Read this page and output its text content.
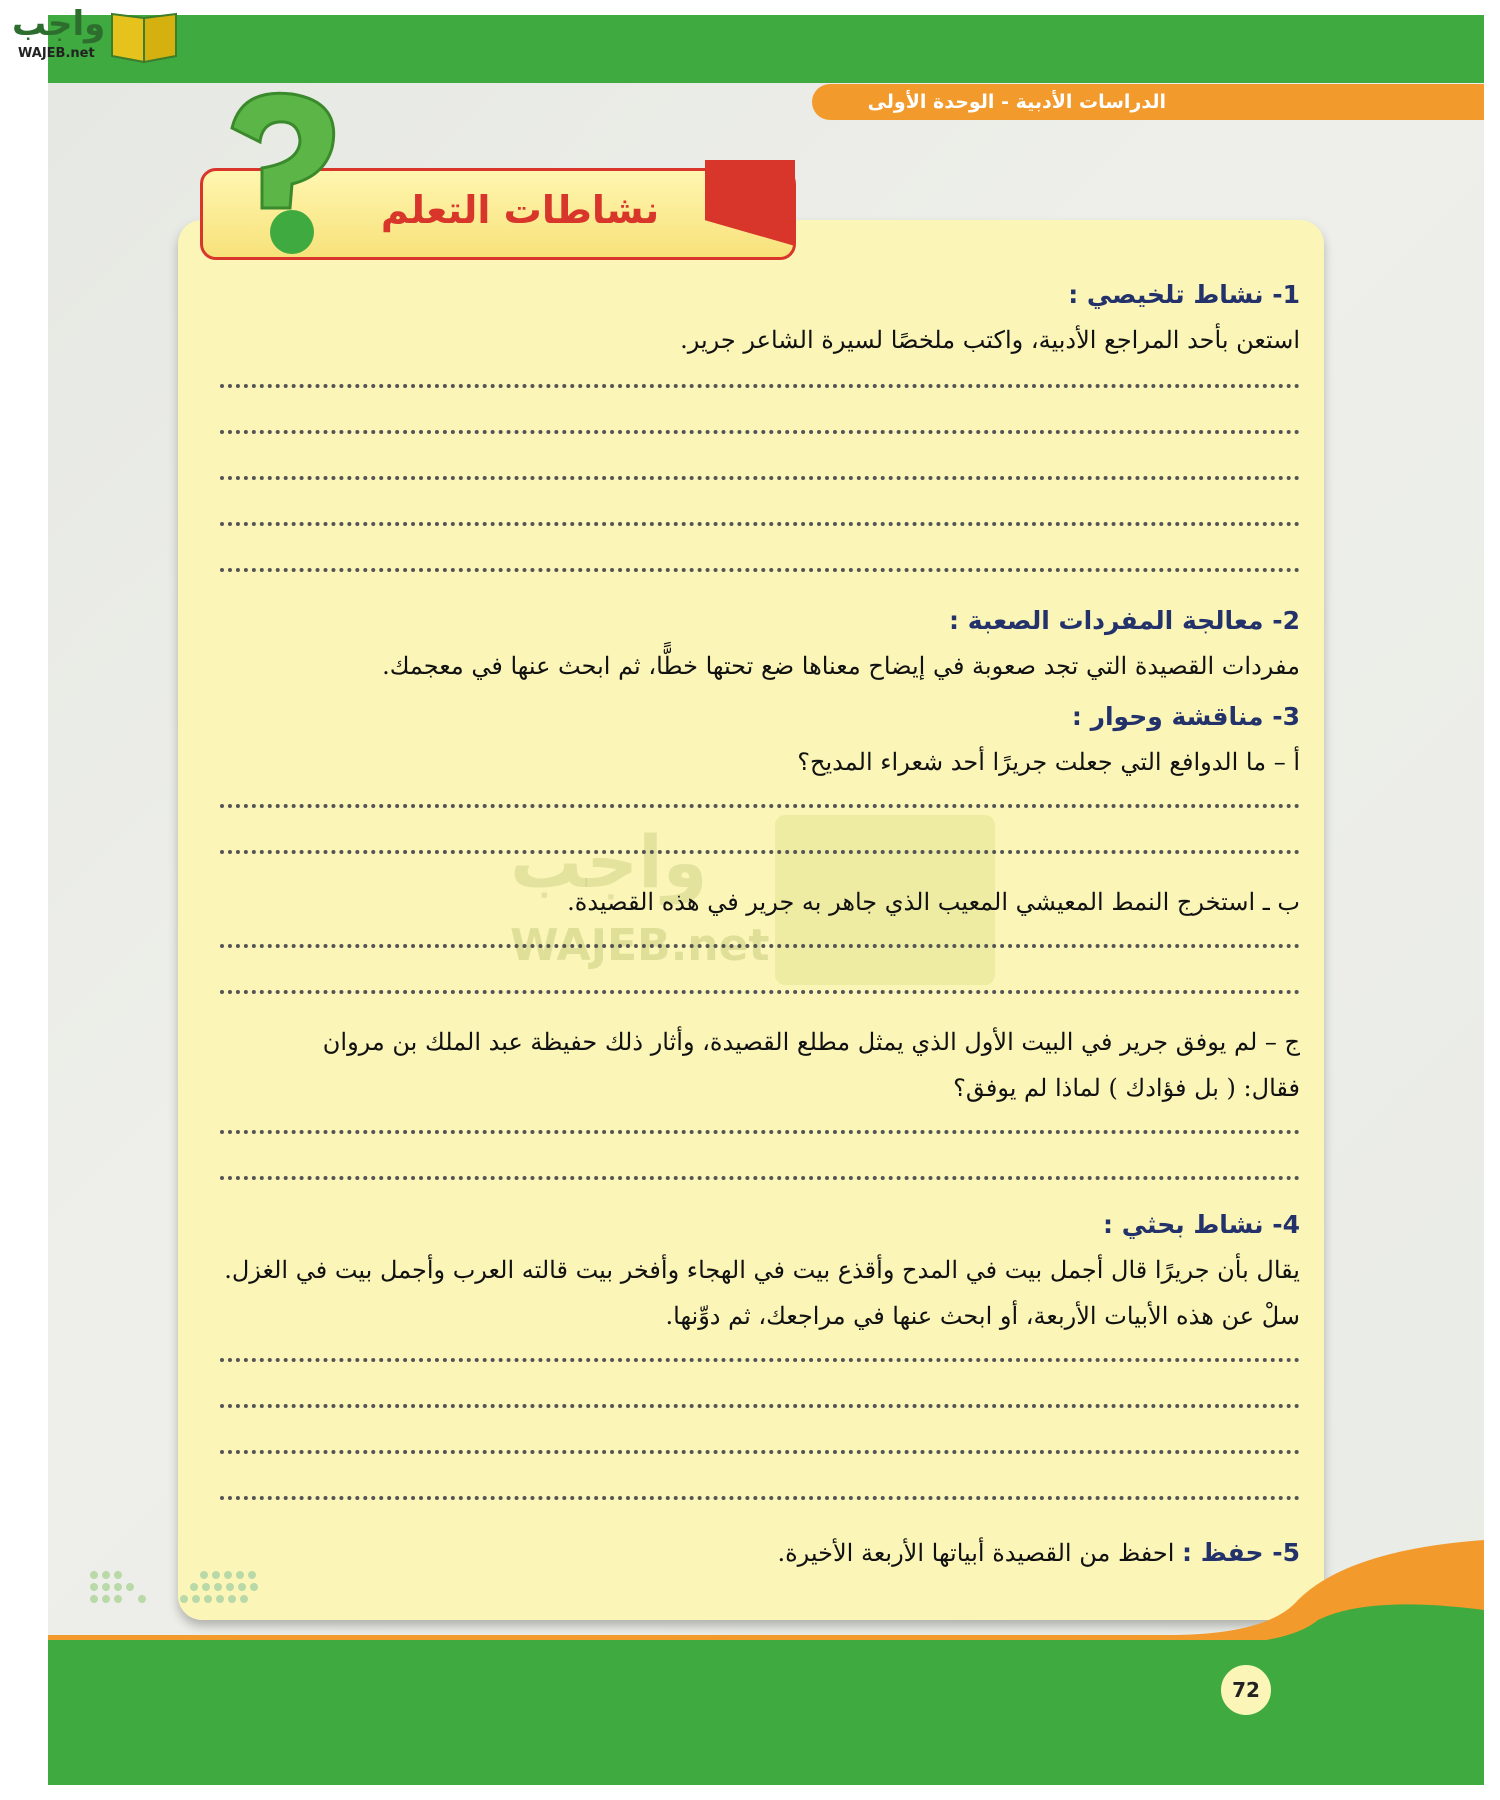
واجب
WAJEB.net
الدراسات الأدبية - الوحدة الأولى
نشاطات التعلم
واجب
WAJEB.net
1- نشاط تلخيصي :
استعن بأحد المراجع الأدبية، واكتب ملخصًا لسيرة الشاعر جرير.
2- معالجة المفردات الصعبة :
مفردات القصيدة التي تجد صعوبة في إيضاح معناها ضع تحتها خطًّا، ثم ابحث عنها في معجمك.
3- مناقشة وحوار :
أ – ما الدوافع التي جعلت جريرًا أحد شعراء المديح؟
ب ـ استخرج النمط المعيشي المعيب الذي جاهر به جرير في هذه القصيدة.
ج – لم يوفق جرير في البيت الأول الذي يمثل مطلع القصيدة، وأثار ذلك حفيظة عبد الملك بن مروان
فقال: ( بل فؤادك ) لماذا لم يوفق؟
4- نشاط بحثي :
يقال بأن جريرًا قال أجمل بيت في المدح وأقذع بيت في الهجاء وأفخر بيت قالته العرب وأجمل بيت في الغزل.
سلْ عن هذه الأبيات الأربعة، أو ابحث عنها في مراجعك، ثم دوِّنها.
5- حفظ : احفظ من القصيدة أبياتها الأربعة الأخيرة.
72
